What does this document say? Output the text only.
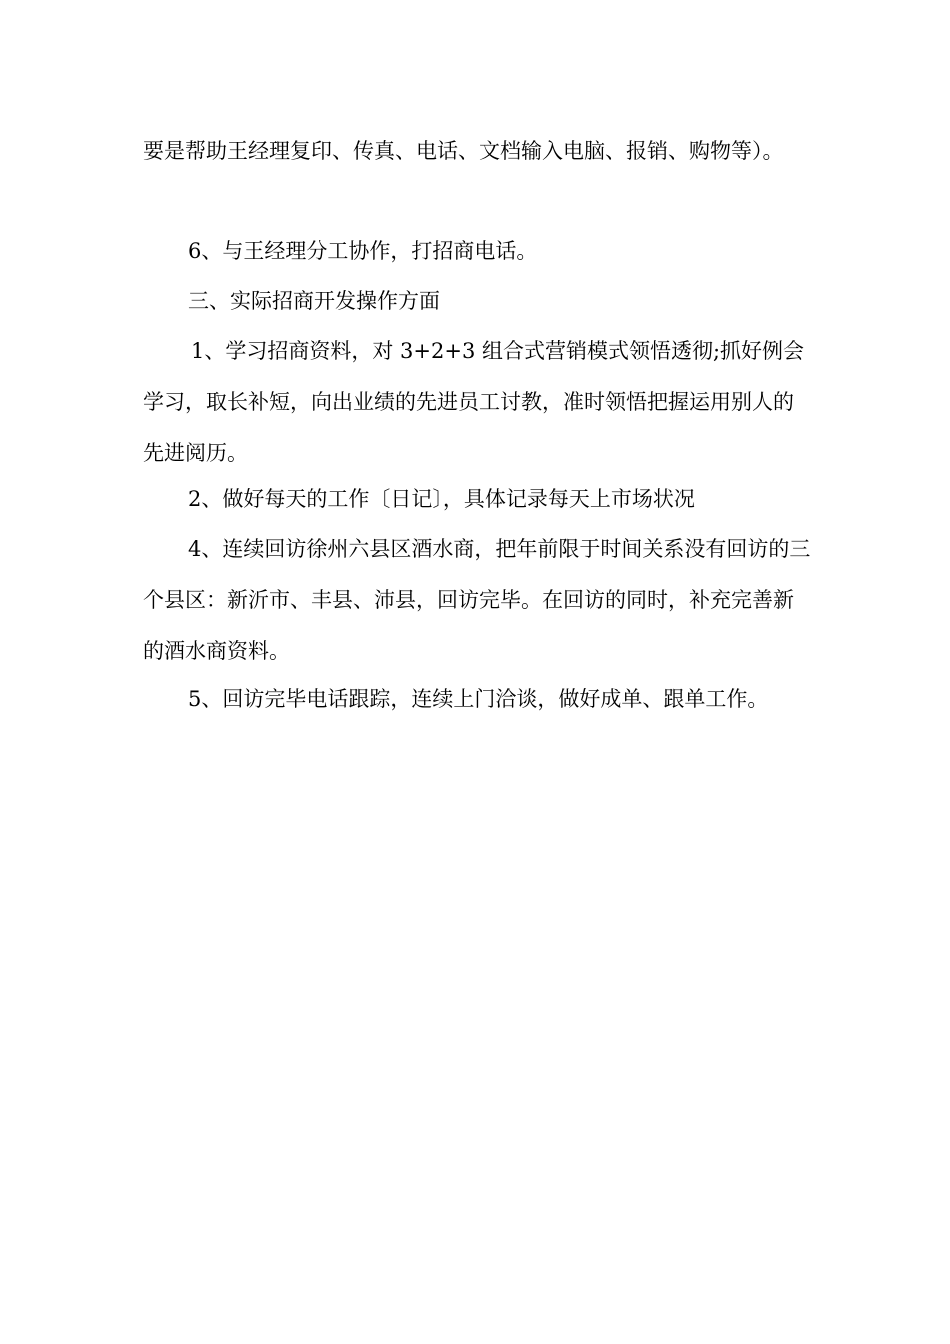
要是帮助王经理复印、传真、电话、文档输入电脑、报销、购物等）。

6、与王经理分工协作，打招商电话。

三、实际招商开发操作方面

1、学习招商资料，对 3+2+3 组合式营销模式领悟透彻;抓好例会学习，取长补短，向出业绩的先进员工讨教，准时领悟把握运用别人的先进阅历。

2、做好每天的工作〔日记〕，具体记录每天上市场状况

4、连续回访徐州六县区酒水商，把年前限于时间关系没有回访的三个县区：新沂市、丰县、沛县，回访完毕。在回访的同时，补充完善新的酒水商资料。

5、回访完毕电话跟踪，连续上门洽谈，做好成单、跟单工作。
